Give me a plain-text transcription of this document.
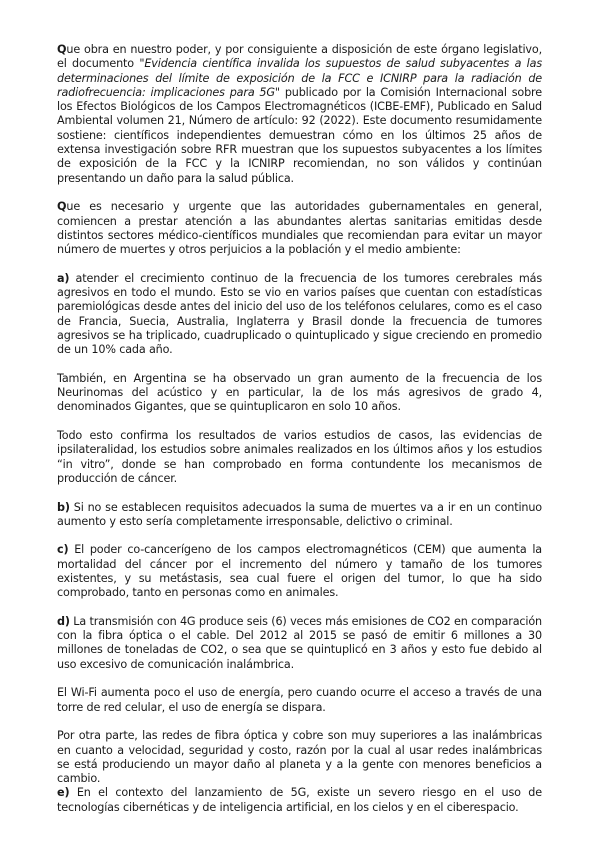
Que obra en nuestro poder, y por consiguiente a disposición de este órgano legislativo, el documento "Evidencia científica invalida los supuestos de salud subyacentes a las determinaciones del límite de exposición de la FCC e ICNIRP para la radiación de radiofrecuencia: implicaciones para 5G" publicado por la Comisión Internacional sobre los Efectos Biológicos de los Campos Electromagnéticos (ICBE-EMF), Publicado en Salud Ambiental volumen 21, Número de artículo: 92 (2022). Este documento resumidamente sostiene: científicos independientes demuestran cómo en los últimos 25 años de extensa investigación sobre RFR muestran que los supuestos subyacentes a los límites de exposición de la FCC y la ICNIRP recomiendan, no son válidos y continúan presentando un daño para la salud pública.

Que es necesario y urgente que las autoridades gubernamentales en general, comiencen a prestar atención a las abundantes alertas sanitarias emitidas desde distintos sectores médico-científicos mundiales que recomiendan para evitar un mayor número de muertes y otros perjuicios a la población y el medio ambiente:

a) atender el crecimiento continuo de la frecuencia de los tumores cerebrales más agresivos en todo el mundo. Esto se vio en varios países que cuentan con estadísticas paremiológicas desde antes del inicio del uso de los teléfonos celulares, como es el caso de Francia, Suecia, Australia, Inglaterra y Brasil donde la frecuencia de tumores agresivos se ha triplicado, cuadruplicado o quintuplicado y sigue creciendo en promedio de un 10% cada año.

También, en Argentina se ha observado un gran aumento de la frecuencia de los Neurinomas del acústico y en particular, la de los más agresivos de grado 4, denominados Gigantes, que se quintuplicaron en solo 10 años.

Todo esto confirma los resultados de varios estudios de casos, las evidencias de ipsilateralidad, los estudios sobre animales realizados en los últimos años y los estudios “in vitro”, donde se han comprobado en forma contundente los mecanismos de producción de cáncer.

b) Si no se establecen requisitos adecuados la suma de muertes va a ir en un continuo aumento y esto sería completamente irresponsable, delictivo o criminal.

c) El poder co-cancerígeno de los campos electromagnéticos (CEM) que aumenta la mortalidad del cáncer por el incremento del número y tamaño de los tumores existentes, y su metástasis, sea cual fuere el origen del tumor, lo que ha sido comprobado, tanto en personas como en animales.

d) La transmisión con 4G produce seis (6) veces más emisiones de CO2 en comparación con la fibra óptica o el cable. Del 2012 al 2015 se pasó de emitir 6 millones a 30 millones de toneladas de CO2, o sea que se quintuplicó en 3 años y esto fue debido al uso excesivo de comunicación inalámbrica.

El Wi-Fi aumenta poco el uso de energía, pero cuando ocurre el acceso a través de una torre de red celular, el uso de energía se dispara.

Por otra parte, las redes de fibra óptica y cobre son muy superiores a las inalámbricas en cuanto a velocidad, seguridad y costo, razón por la cual al usar redes inalámbricas se está produciendo un mayor daño al planeta y a la gente con menores beneficios a cambio.

e) En el contexto del lanzamiento de 5G, existe un severo riesgo en el uso de tecnologías cibernéticas y de inteligencia artificial, en los cielos y en el ciberespacio.
